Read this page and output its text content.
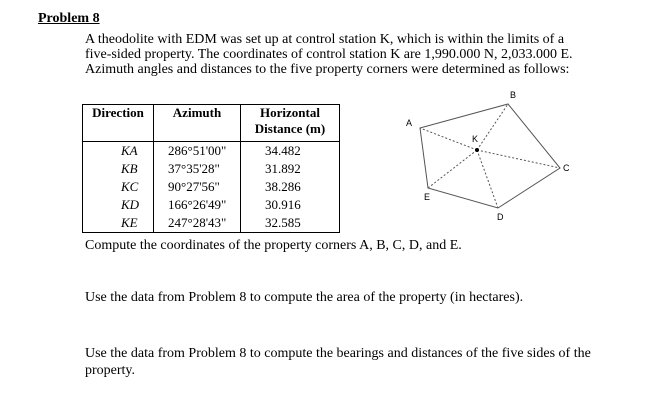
Problem 8
A theodolite with EDM was set up at control station K, which is within the limits of a
five-sided property. The coordinates of control station K are 1,990.000 N, 2,033.000 E.
Azimuth angles and distances to the five property corners were determined as follows:
Direction	Azimuth	Horizontal Distance (m)
KA	286°51'00"	34.482
KB	37°35'28"	31.892
KC	90°27'56"	38.286
KD	166°26'49"	30.916
KE	247°28'43"	32.585
A
B
C
D
E
K
Compute the coordinates of the property corners A, B, C, D, and E.
Use the data from Problem 8 to compute the area of the property (in hectares).
Use the data from Problem 8 to compute the bearings and distances of the five sides of the property.
